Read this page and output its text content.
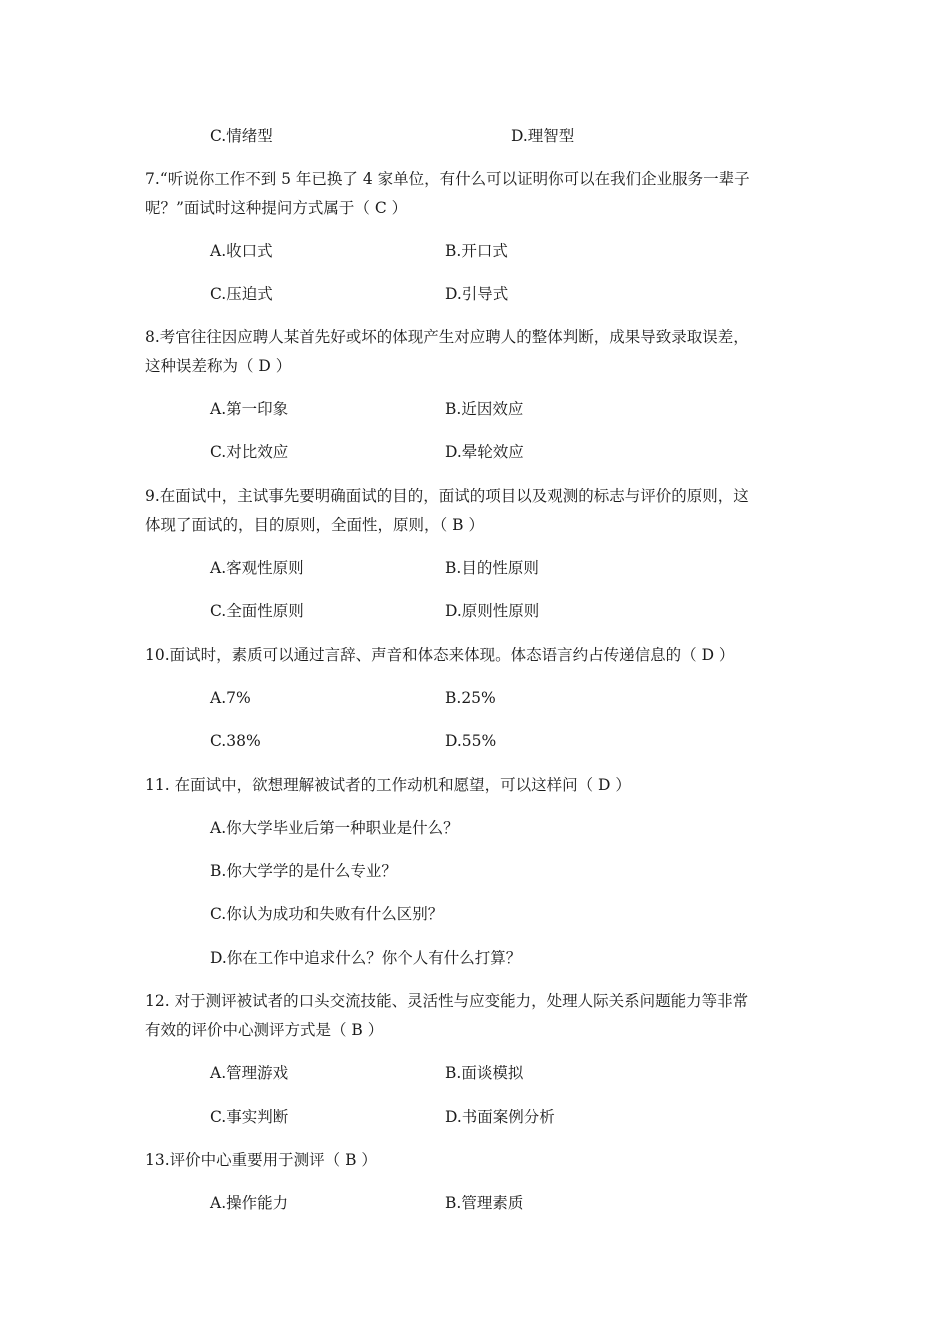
C.情绪型	D.理智型
7.“听说你工作不到 5 年已换了 4 家单位，有什么可以证明你可以在我们企业服务一辈子
呢？”面试时这种提问方式属于（ C ）
A.收口式	B.开口式
C.压迫式	D.引导式
8.考官往往因应聘人某首先好或坏的体现产生对应聘人的整体判断，成果导致录取误差，
这种误差称为（ D ）
A.第一印象	B.近因效应
C.对比效应	D.晕轮效应
9.在面试中，主试事先要明确面试的目的，面试的项目以及观测的标志与评价的原则，这
体现了面试的，目的原则，全面性，原则，（ B ）
A.客观性原则	B.目的性原则
C.全面性原则	D.原则性原则
10.面试时，素质可以通过言辞、声音和体态来体现。体态语言约占传递信息的（ D ）
A.7%	B.25%
C.38%	D.55%
11. 在面试中，欲想理解被试者的工作动机和愿望，可以这样问（ D ）
A.你大学毕业后第一种职业是什么？
B.你大学学的是什么专业？
C.你认为成功和失败有什么区别？
D.你在工作中追求什么？你个人有什么打算？
12. 对于测评被试者的口头交流技能、灵活性与应变能力，处理人际关系问题能力等非常
有效的评价中心测评方式是（ B ）
A.管理游戏	B.面谈模拟
C.事实判断	D.书面案例分析
13.评价中心重要用于测评（ B ）
A.操作能力	B.管理素质
